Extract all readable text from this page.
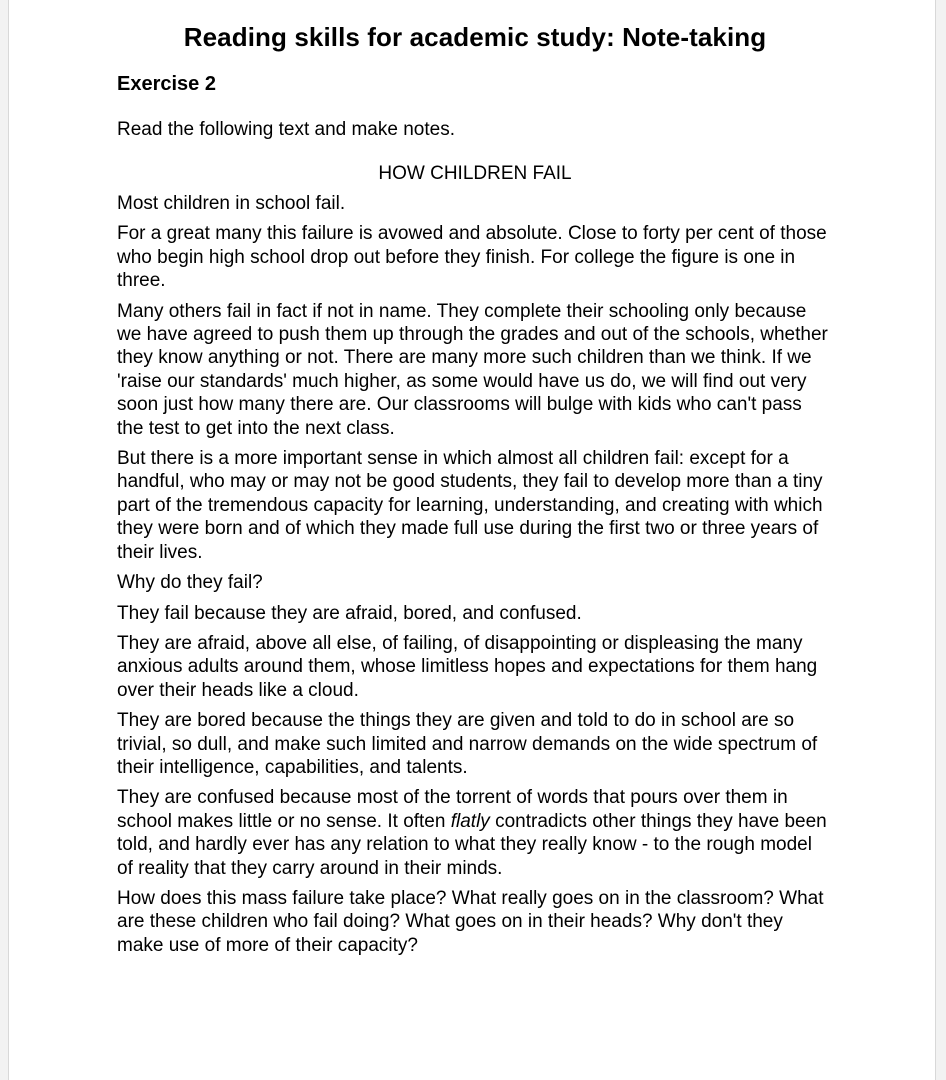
Reading skills for academic study: Note-taking
Exercise 2
Read the following text and make notes.
HOW CHILDREN FAIL

Most children in school fail.

For a great many this failure is avowed and absolute. Close to forty per cent of those who begin high school drop out before they finish. For college the figure is one in three.

Many others fail in fact if not in name. They complete their schooling only because we have agreed to push them up through the grades and out of the schools, whether they know anything or not. There are many more such children than we think. If we 'raise our standards' much higher, as some would have us do, we will find out very soon just how many there are. Our classrooms will bulge with kids who can't pass the test to get into the next class.

But there is a more important sense in which almost all children fail: except for a handful, who may or may not be good students, they fail to develop more than a tiny part of the tremendous capacity for learning, understanding, and creating with which they were born and of which they made full use during the first two or three years of their lives.

Why do they fail?

They fail because they are afraid, bored, and confused.

They are afraid, above all else, of failing, of disappointing or displeasing the many anxious adults around them, whose limitless hopes and expectations for them hang over their heads like a cloud.

They are bored because the things they are given and told to do in school are so trivial, so dull, and make such limited and narrow demands on the wide spectrum of their intelligence, capabilities, and talents.

They are confused because most of the torrent of words that pours over them in school makes little or no sense. It often flatly contradicts other things they have been told, and hardly ever has any relation to what they really know - to the rough model of reality that they carry around in their minds.

How does this mass failure take place? What really goes on in the classroom? What are these children who fail doing? What goes on in their heads? Why don't they make use of more of their capacity?
